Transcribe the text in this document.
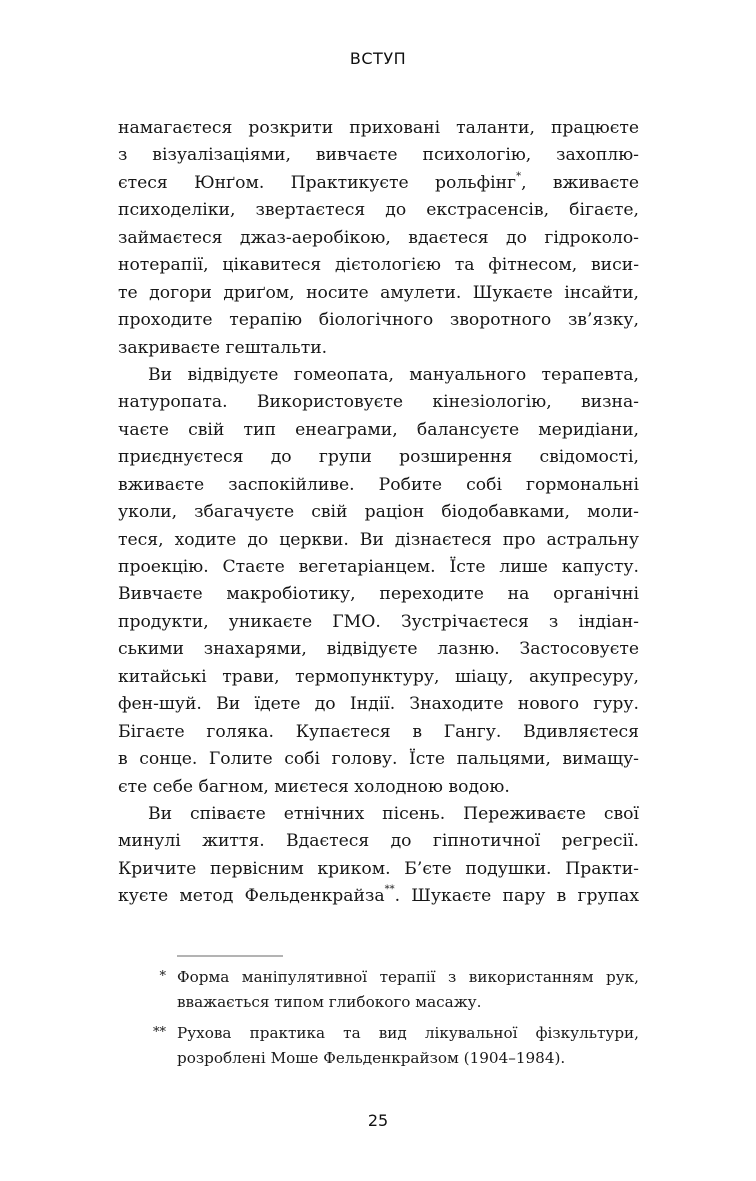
ВСТУП
намагаєтеся розкрити приховані таланти, працюєте
з візуалізаціями, вивчаєте психологію, захоплю-
єтеся Юнґом. Практикуєте рольфінг*, вживаєте
психоделіки, звертаєтеся до екстрасенсів, бігаєте,
займаєтеся джаз-аеробікою, вдаєтеся до гідроколо-
нотерапії, цікавитеся дієтологією та фітнесом, виси-
те догори дриґом, носите амулети. Шукаєте інсайти,
проходите терапію біологічного зворотного зв’язку,
закриваєте гештальти.
Ви відвідуєте гомеопата, мануального терапевта,
натуропата. Використовуєте кінезіологію, визна-
чаєте свій тип енеаграми, балансуєте меридіани,
приєднуєтеся до групи розширення свідомості,
вживаєте заспокійливе. Робите собі гормональні
уколи, збагачуєте свій раціон біодобавками, моли-
теся, ходите до церкви. Ви дізнаєтеся про астральну
проекцію. Стаєте вегетаріанцем. Їсте лише капусту.
Вивчаєте макробіотику, переходите на органічні
продукти, уникаєте ГМО. Зустрічаєтеся з індіан-
ськими знахарями, відвідуєте лазню. Застосовуєте
китайські трави, термопунктуру, шіацу, акупресуру,
фен-шуй. Ви їдете до Індії. Знаходите нового гуру.
Бігаєте голяка. Купаєтеся в Гангу. Вдивляєтеся
в сонце. Голите собі голову. Їсте пальцями, вимащу-
єте себе багном, миєтеся холодною водою.
Ви співаєте етнічних пісень. Переживаєте свої
минулі життя. Вдаєтеся до гіпнотичної регресії.
Кричите первісним криком. Б’єте подушки. Практи-
куєте метод Фельденкрайза**. Шукаєте пару в групах
* Форма маніпулятивної терапії з використанням рук,
вважається типом глибокого масажу.
** Рухова практика та вид лікувальної фізкультури,
розроблені Моше Фельденкрайзом (1904–1984).
25
